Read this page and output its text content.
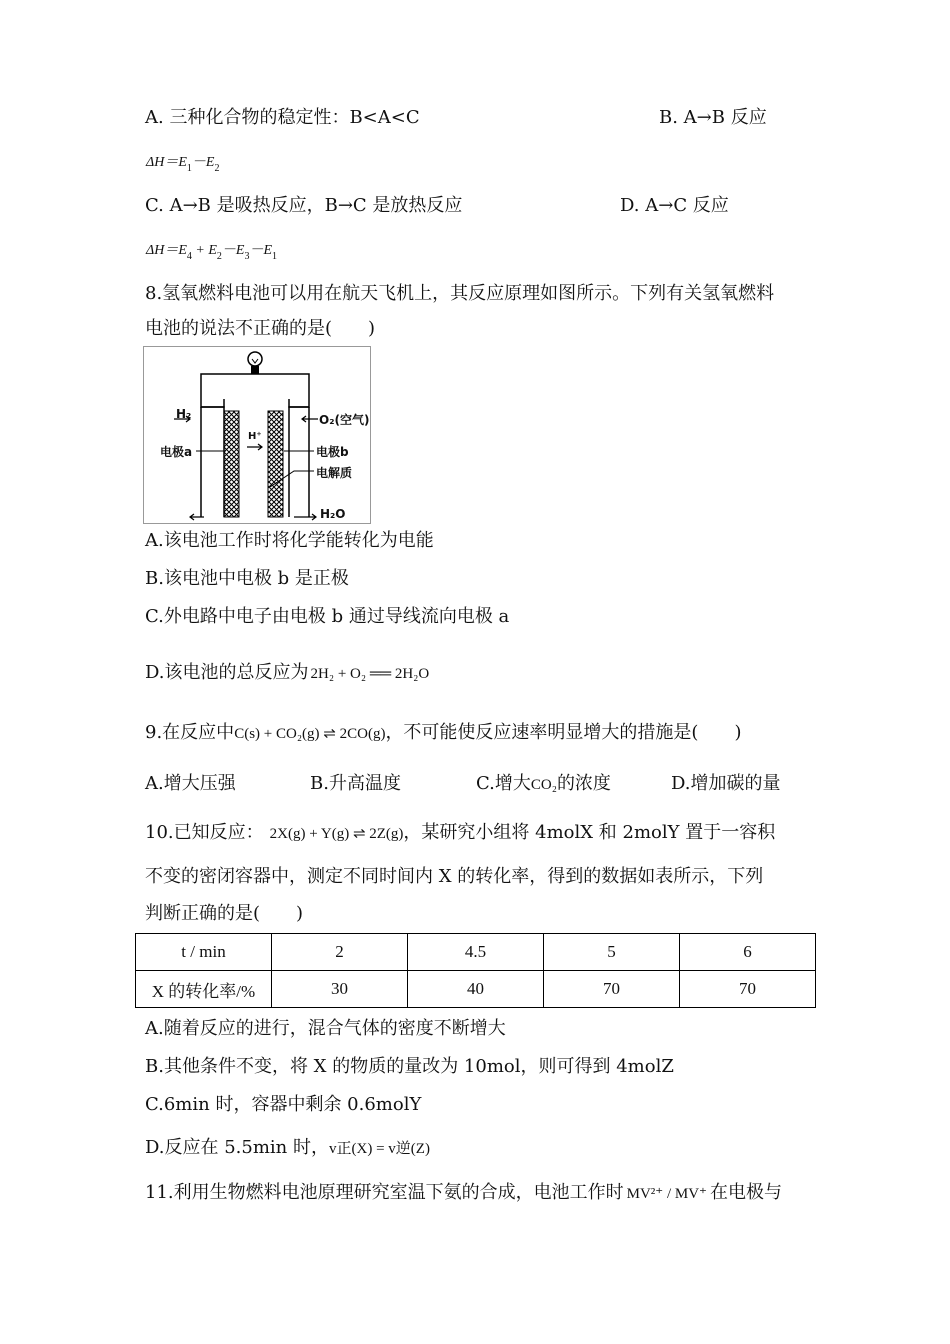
A. 三种化合物的稳定性：B<A<C	B. A→B 反应
$\Delta H=E_1-E_2$
C. A→B 是吸热反应，B→C 是放热反应	D. A→C 反应
$\Delta H=E_4 + E_2-E_3-E_1$
8.氢氧燃料电池可以用在航天飞机上，其反应原理如图所示。下列有关氢氧燃料
电池的说法不正确的是(　　)
H₂	O₂(空气)
电极a	电极b
电解质
H⁺
H₂O
A.该电池工作时将化学能转化为电能
B.该电池中电极 b 是正极
C.外电路中电子由电极 b 通过导线流向电极 a
D.该电池的总反应为 2H₂ + O₂ ══ 2H₂O
9.在反应中C(s) + CO₂(g) ⇌ 2CO(g)，不可能使反应速率明显增大的措施是(　　)
A.增大压强	B.升高温度	C.增大CO₂的浓度	D.增加碳的量
10.已知反应： 2X(g) + Y(g) ⇌ 2Z(g)，某研究小组将 4molX 和 2molY 置于一容积
不变的密闭容器中，测定不同时间内 X 的转化率，得到的数据如表所示，下列
判断正确的是(　　)
t / min	2	4.5	5	6
X 的转化率/%	30	40	70	70
A.随着反应的进行，混合气体的密度不断增大
B.其他条件不变，将 X 的物质的量改为 10mol，则可得到 4molZ
C.6min 时，容器中剩余 0.6molY
D.反应在 5.5min 时，v正(X) = v逆(Z)
11.利用生物燃料电池原理研究室温下氨的合成，电池工作时 MV²⁺ / MV⁺ 在电极与
